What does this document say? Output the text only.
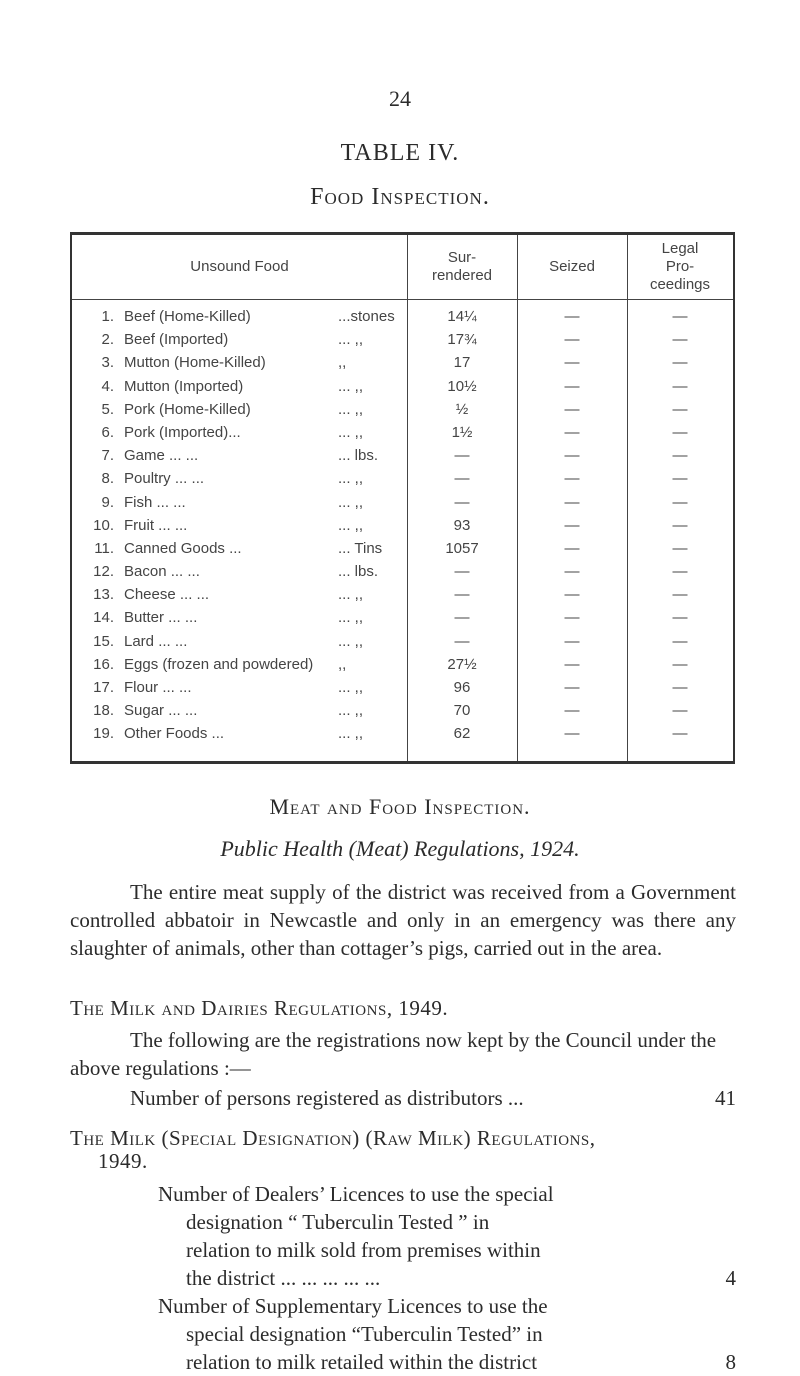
24
TABLE IV.
Food Inspection.
Unsound Food
Sur-
rendered
Seized
Legal
Pro-
ceedings
1. Beef (Home-Killed)	...stones	14¼	—	—
2. Beef (Imported)	... ,,	17¾	—	—
3. Mutton (Home-Killed)	,,	17	—	—
4. Mutton (Imported)	... ,,	10½	—	—
5. Pork (Home-Killed)	... ,,	½	—	—
6. Pork (Imported)...	... ,,	1½	—	—
7. Game ... ...	... lbs.	—	—	—
8. Poultry ... ...	... ,,	—	—	—
9. Fish ... ...	... ,,	—	—	—
10. Fruit ... ...	... ,,	93	—	—
11. Canned Goods ...	... Tins	1057	—	—
12. Bacon ... ...	... lbs.	—	—	—
13. Cheese ... ...	... ,,	—	—	—
14. Butter ... ...	... ,,	—	—	—
15. Lard ... ...	... ,,	—	—	—
16. Eggs (frozen and powdered) ,,	27½	—	—
17. Flour ... ...	... ,,	96	—	—
18. Sugar ... ...	... ,,	70	—	—
19. Other Foods ...	... ,,	62	—	—
Meat and Food Inspection.
Public Health (Meat) Regulations, 1924.
The entire meat supply of the district was received from a Government controlled abbatoir in Newcastle and only in an emergency was there any slaughter of animals, other than cottager’s pigs, carried out in the area.
The Milk and Dairies Regulations, 1949.
The following are the registrations now kept by the Council under the above regulations :—
Number of persons registered as distributors ...	41
The Milk (Special Designation) (Raw Milk) Regulations,
1949.
Number of Dealers’ Licences to use the special
designation “ Tuberculin Tested ” in
relation to milk sold from premises within
the district ... ... ... ... ...	4
Number of Supplementary Licences to use the
special designation “Tuberculin Tested” in
relation to milk retailed within the district	8
